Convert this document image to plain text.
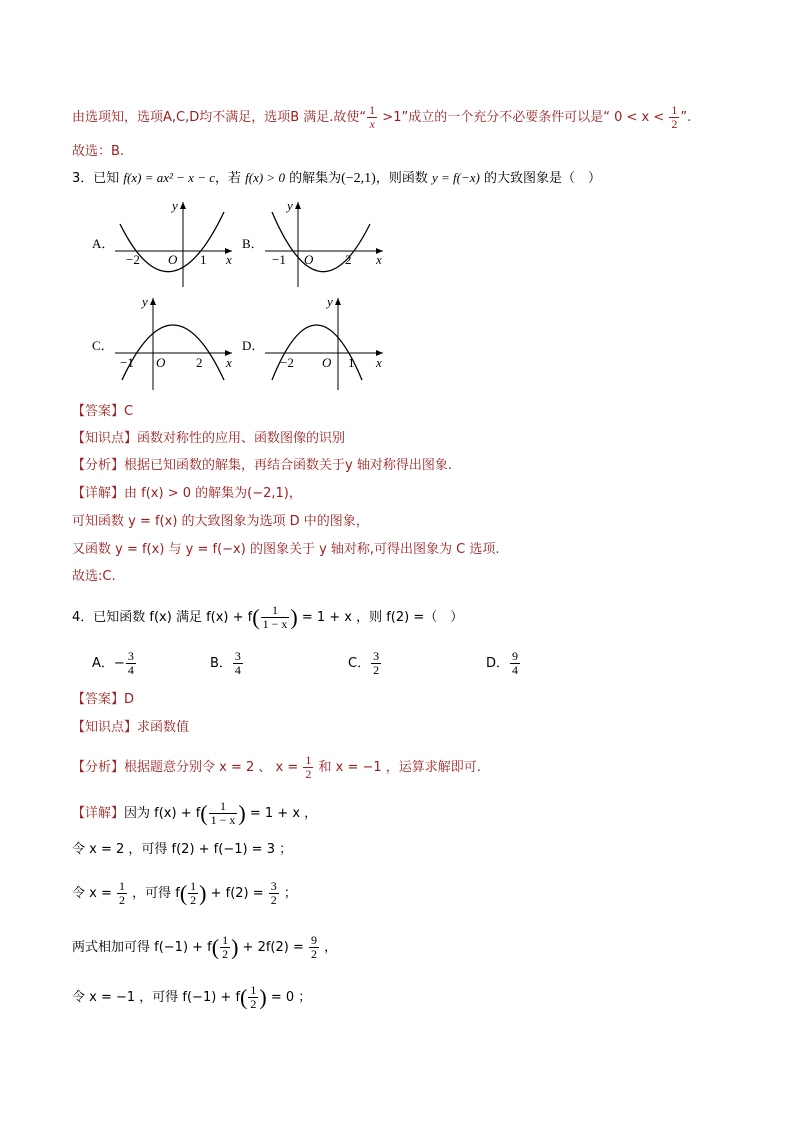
由选项知，选项A,C,D均不满足，选项B 满足.故使“ $\frac{1}{x} >1$”成立的一个充分不必要条件可以是“ $0 < x < \frac{1}{2}$ ”.
故选：B.
3．已知 f(x) = ax² − x − c，若 f(x) > 0 的解集为(−2,1)，则函数 y = f(−x) 的大致图象是（　）
A．
−2 O 1 x
y
B．
−1 O 2 x
y
C．
−1 O 2 x
y
D．
−2 O 1 x
y
【答案】C
【知识点】函数对称性的应用、函数图像的识别
【分析】根据已知函数的解集，再结合函数关于y 轴对称得出图象.
【详解】由 f(x) > 0 的解集为(−2,1)，
可知函数 y = f(x) 的大致图象为选项 D 中的图象，
又函数 y = f(x) 与 y = f(−x) 的图象关于 y 轴对称,可得出图象为 C 选项.
故选:C.
4．已知函数 f(x) 满足 $f(x) + f( \frac{1}{1 - x}$ ) = 1 + x ，则 f(2) =（　）
A．− $\frac{3}{4}$	B． $\frac{3}{4}$	C． $\frac{3}{2}$	D． $\frac{9}{4}$
【答案】D
【知识点】求函数值
【分析】根据题意分别令 x = 2 、 $x = \frac{1}{2}$ 和 x = −1 ，运算求解即可.
【详解】因为 $f(x) + f( \frac{1}{1 - x}$ ) = 1 + x ，
令 x = 2 ，可得 f(2) + f(−1) = 3 ；
令 $x = \frac{1}{2}$ ，可得 $f( \frac{1}{2}$ ) + $f(2) = \frac{3}{2}$ ；
两式相加可得 $f(-1) + f( \frac{1}{2}$ ) + $2f(2) = \frac{9}{2}$ ，
令 x = −1 ，可得 $f(-1) + f( \frac{1}{2}$ ) = 0 ；
